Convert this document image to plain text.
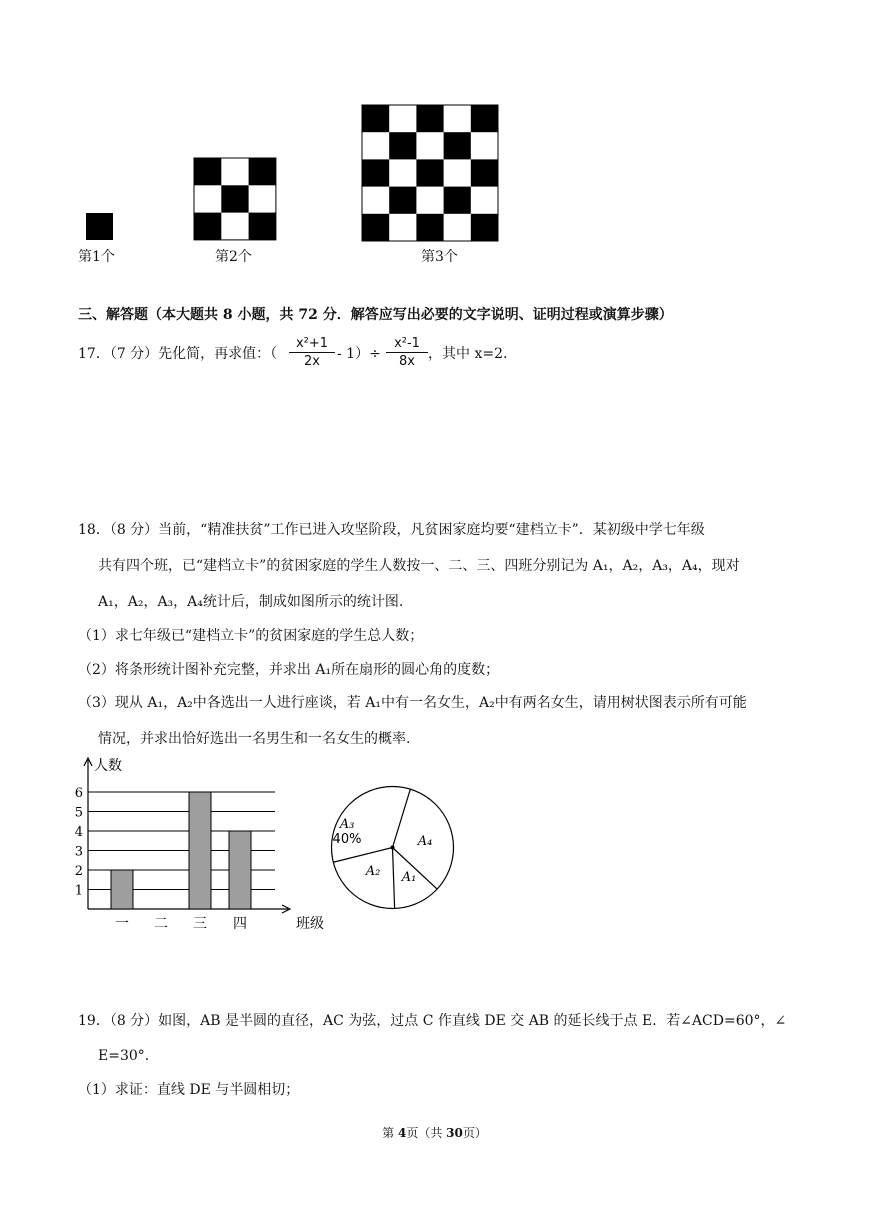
第1个	第2个	第3个
三、解答题（本大题共 8 小题，共 72 分．解答应写出必要的文字说明、证明过程或演算步骤）
17．（7 分）先化简，再求值：（ $\frac{\text{x²+1}}{2x} - 1)\div \frac{\text{x²-1}}{8x}$ ，其中 x=2.
18．（8 分）当前，“精准扶贫”工作已进入攻坚阶段，凡贫困家庭均要“建档立卡”．某初级中学七年级
共有四个班，已“建档立卡”的贫困家庭的学生人数按一、二、三、四班分别记为 A₁，A₂，A₃，A₄，现对
A₁，A₂，A₃，A₄统计后，制成如图所示的统计图.
（1）求七年级已“建档立卡”的贫困家庭的学生总人数；
（2）将条形统计图补充完整，并求出 A₁所在扇形的圆心角的度数；
（3）现从 A₁，A₂中各选出一人进行座谈，若 A₁中有一名女生，A₂中有两名女生，请用树状图表示所有可能
情况，并求出恰好选出一名男生和一名女生的概率.
人数
班级
1
2
3
4
5
6
一 二 三 四
A₃
40%	A₄
A₁
A₂
19．（8 分）如图，AB 是半圆的直径，AC 为弦，过点 C 作直线 DE 交 AB 的延长线于点 E．若∠ACD=60°，∠
E=30°．
（1）求证：直线 DE 与半圆相切；
第 4页（共 30页）
